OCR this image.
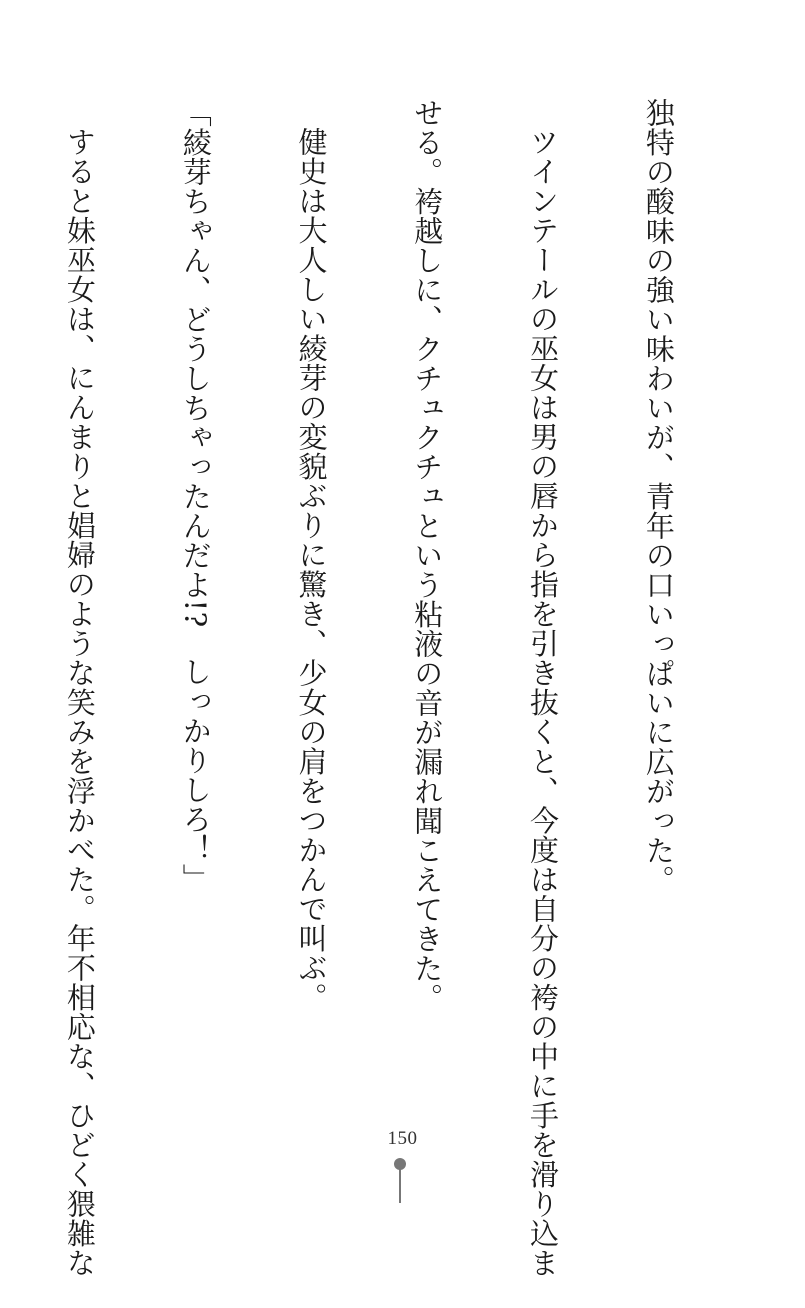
独特の酸味の強い味わいが、青年の口いっぱいに広がった。

ツインテールの巫女は男の唇から指を引き抜くと、今度は自分の袴の中に手を滑り込ま

せる。袴越しに、クチュクチュという粘液の音が漏れ聞こえてきた。

健史は大人しい綾芽の変貌ぶりに驚き、少女の肩をつかんで叫ぶ。

「綾芽ちゃん、どうしちゃったんだよ!?　しっかりしろ！」

すると妹巫女は、にんまりと娼婦のような笑みを浮かべた。年不相応な、ひどく猥雑な

	150
